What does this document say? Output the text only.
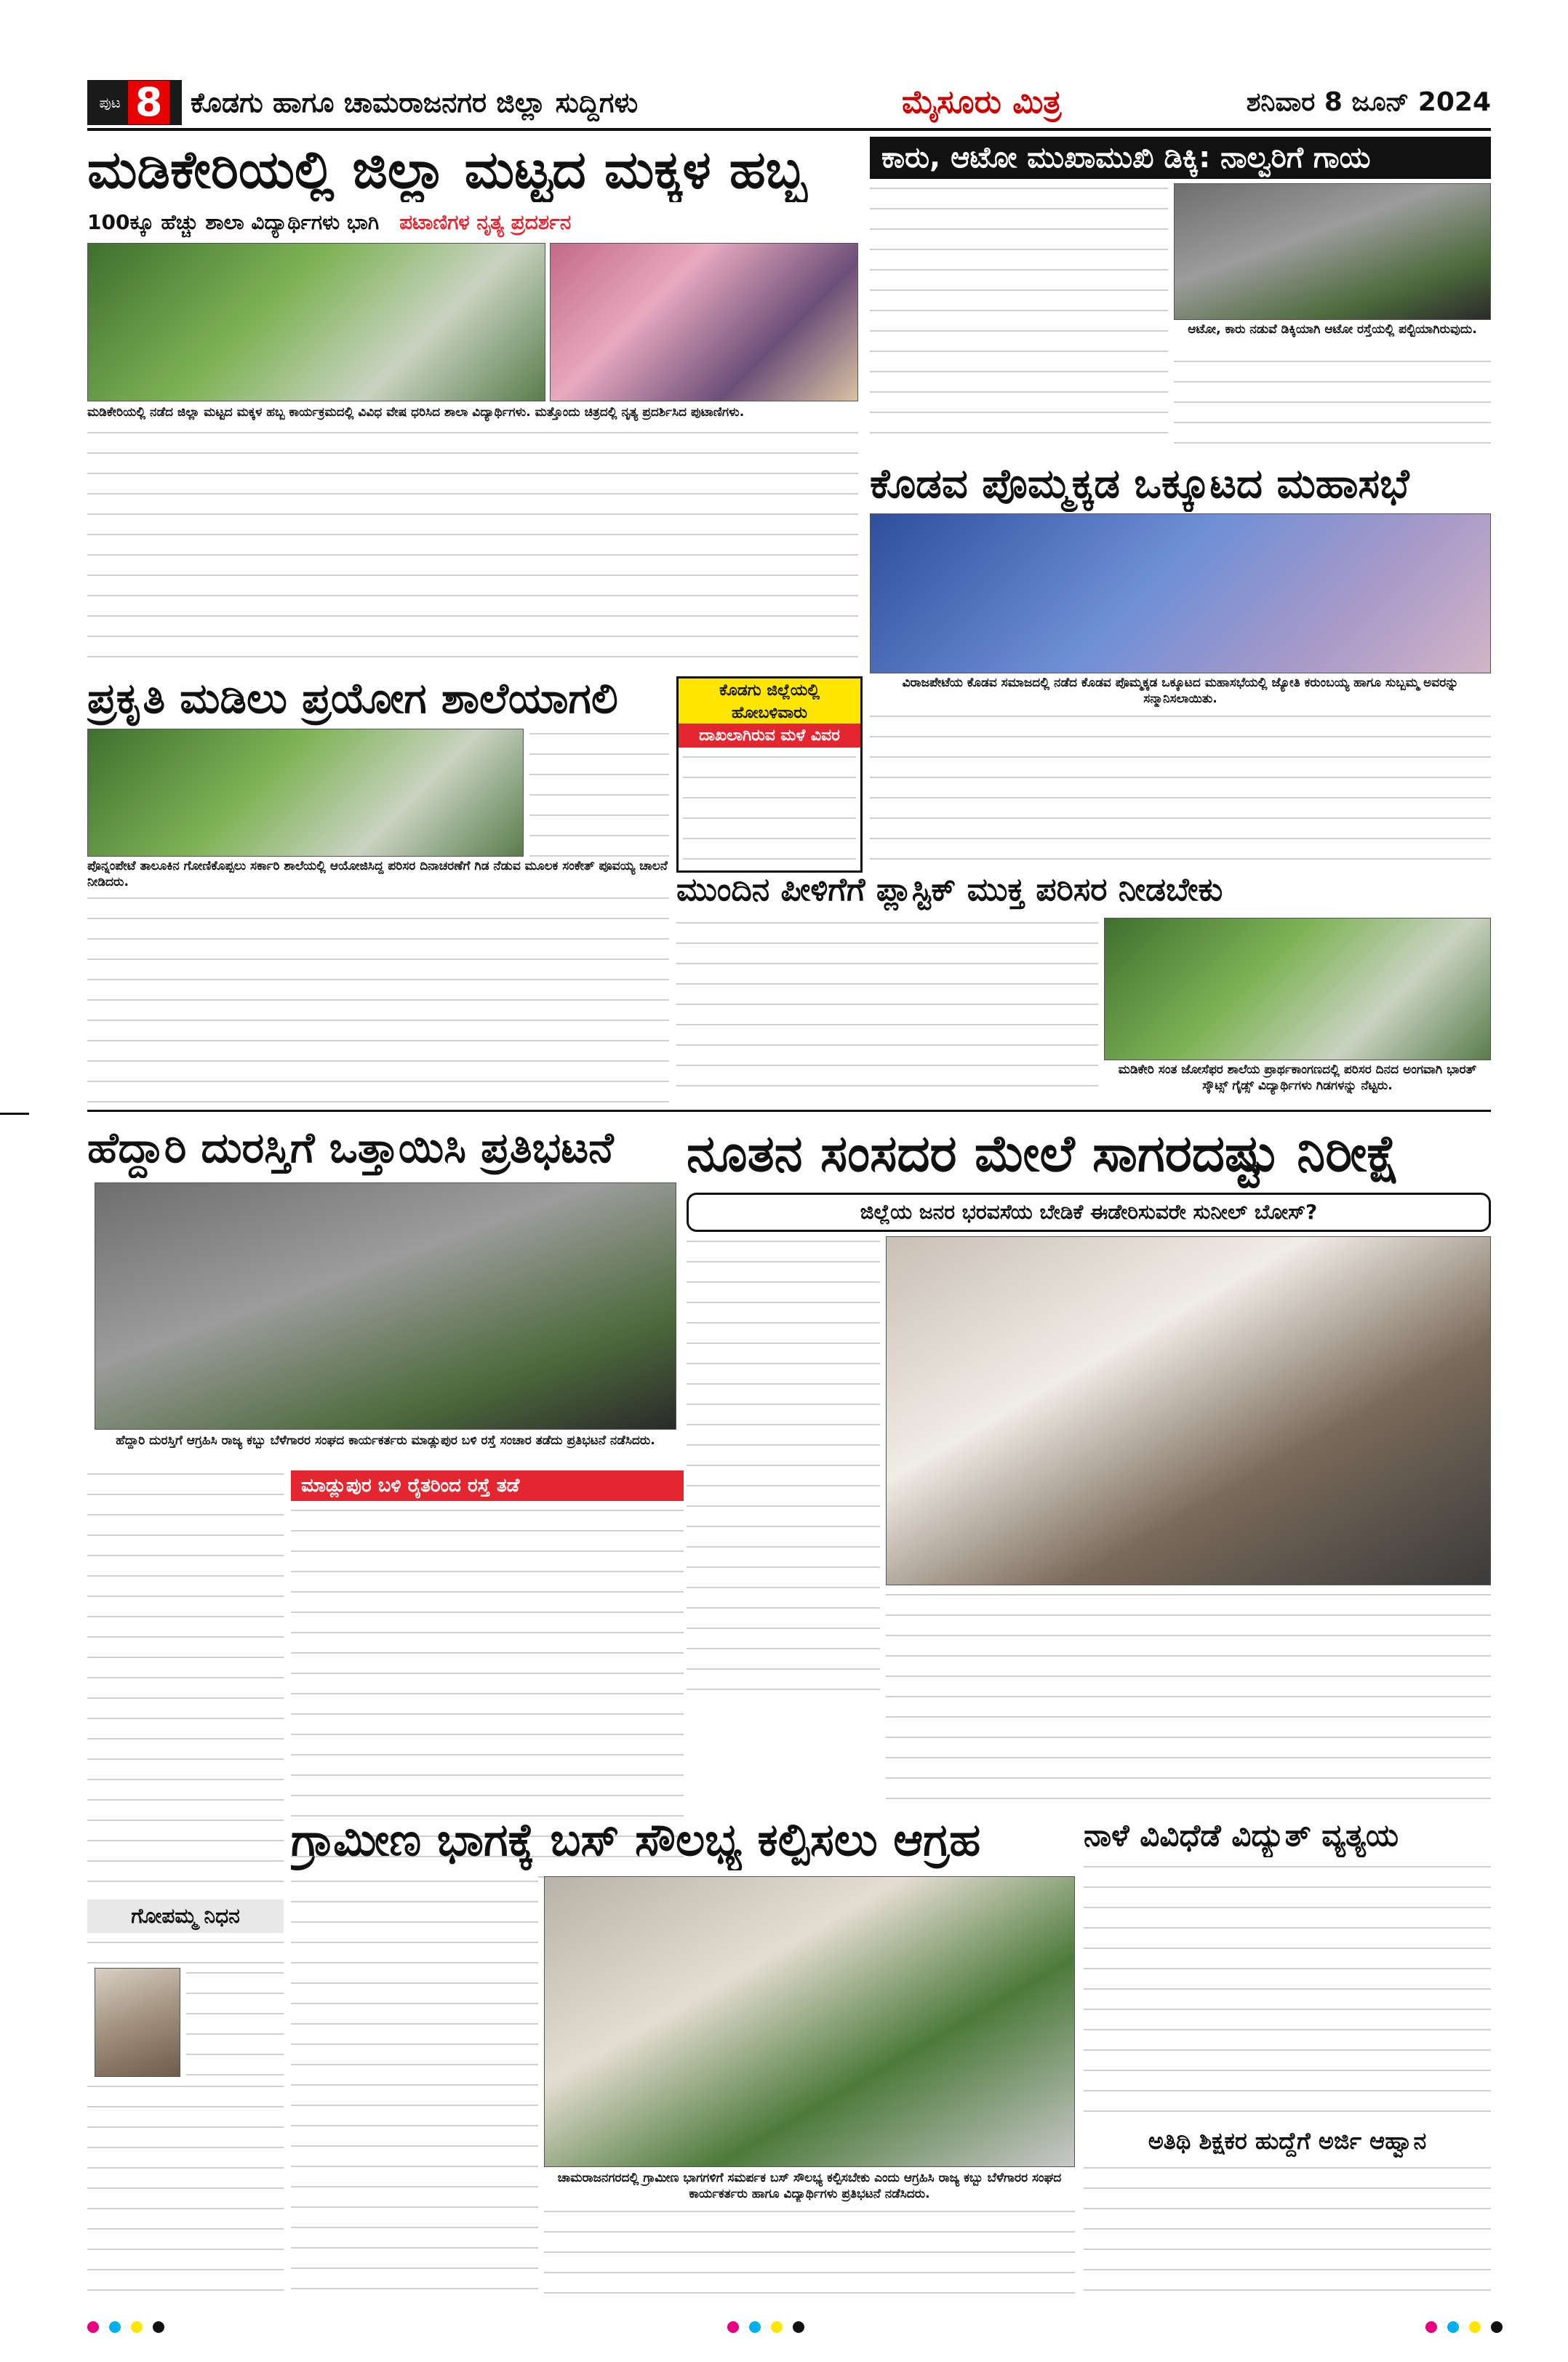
ಪುಟ 8 ಕೊಡಗು ಹಾಗೂ ಚಾಮರಾಜನಗರ ಜಿಲ್ಲಾ ಸುದ್ದಿಗಳು	ಮೈಸೂರು ಮಿತ್ರ	ಶನಿವಾರ 8 ಜೂನ್ 2024
ಮಡಿಕೇರಿಯಲ್ಲಿ ಜಿಲ್ಲಾ ಮಟ್ಟದ ಮಕ್ಕಳ ಹಬ್ಬ
100ಕ್ಕೂ ಹೆಚ್ಚು ಶಾಲಾ ವಿದ್ಯಾರ್ಥಿಗಳು ಭಾಗಿ ಪಟಾಣಿಗಳ ನೃತ್ಯ ಪ್ರದರ್ಶನ
ಮಡಿಕೇರಿಯಲ್ಲಿ ನಡೆದ ಜಿಲ್ಲಾ ಮಟ್ಟದ ಮಕ್ಕಳ ಹಬ್ಬ ಕಾರ್ಯಕ್ರಮದಲ್ಲಿ ವಿವಿಧ ವೇಷ ಧರಿಸಿದ ಶಾಲಾ ವಿದ್ಯಾರ್ಥಿಗಳು. ಮತ್ತೊಂದು ಚಿತ್ರದಲ್ಲಿ ನೃತ್ಯ ಪ್ರದರ್ಶಿಸಿದ ಪುಟಾಣಿಗಳು.
ಕಾರು, ಆಟೋ ಮುಖಾಮುಖಿ ಡಿಕ್ಕಿ: ನಾಲ್ವರಿಗೆ ಗಾಯ
ಆಟೋ, ಕಾರು ನಡುವೆ ಡಿಕ್ಕಿಯಾಗಿ ಆಟೋ ರಸ್ತೆಯಲ್ಲಿ ಪಲ್ಟಿಯಾಗಿರುವುದು.
ಕೊಡವ ಪೊಮ್ಮಕ್ಕಡ ಒಕ್ಕೂಟದ ಮಹಾಸಭೆ
ವಿರಾಜಪೇಟೆಯ ಕೊಡವ ಸಮಾಜದಲ್ಲಿ ನಡೆದ ಕೊಡವ ಪೊಮ್ಮಕ್ಕಡ ಒಕ್ಕೂಟದ ಮಹಾಸಭೆಯಲ್ಲಿ ಜ್ಯೋತಿ ಕರುಂಬಯ್ಯ ಹಾಗೂ ಸುಬ್ಬಮ್ಮ ಅವರನ್ನು ಸನ್ಮಾನಿಸಲಾಯಿತು.
ಪ್ರಕೃತಿ ಮಡಿಲು ಪ್ರಯೋಗ ಶಾಲೆಯಾಗಲಿ
ಪೊನ್ನಂಪೇಟೆ ತಾಲೂಕಿನ ಗೋಣಿಕೊಪ್ಪಲು ಸರ್ಕಾರಿ ಶಾಲೆಯಲ್ಲಿ ಆಯೋಜಿಸಿದ್ದ ಪರಿಸರ ದಿನಾಚರಣೆಗೆ ಗಿಡ ನೆಡುವ ಮೂಲಕ ಸಂಕೇತ್ ಪೂವಯ್ಯ ಚಾಲನೆ ನೀಡಿದರು.
ಕೊಡಗು ಜಿಲ್ಲೆಯಲ್ಲಿ
ಹೋಬಳಿವಾರು
ದಾಖಲಾಗಿರುವ ಮಳೆ ವಿವರ
ಮುಂದಿನ ಪೀಳಿಗೆಗೆ ಪ್ಲಾಸ್ಟಿಕ್ ಮುಕ್ತ ಪರಿಸರ ನೀಡಬೇಕು
ಮಡಿಕೇರಿ ಸಂತ ಜೋಸೆಫರ ಶಾಲೆಯ ಪ್ರಾರ್ಥಕಾಂಗಣದಲ್ಲಿ ಪರಿಸರ ದಿನದ ಅಂಗವಾಗಿ ಭಾರತ್ ಸ್ಕೌಟ್ಸ್ ಗೈಡ್ಸ್ ವಿದ್ಯಾರ್ಥಿಗಳು ಗಿಡಗಳನ್ನು ನೆಟ್ಟರು.
ಹೆದ್ದಾರಿ ದುರಸ್ತಿಗೆ ಒತ್ತಾಯಿಸಿ ಪ್ರತಿಭಟನೆ
ಹೆದ್ದಾರಿ ದುರಸ್ತಿಗೆ ಆಗ್ರಹಿಸಿ ರಾಜ್ಯ ಕಬ್ಬು ಬೆಳೆಗಾರರ ಸಂಘದ ಕಾರ್ಯಕರ್ತರು ಮಾಡ್ಲುಪುರ ಬಳಿ ರಸ್ತೆ ಸಂಚಾರ ತಡೆದು ಪ್ರತಿಭಟನೆ ನಡೆಸಿದರು.
ಮಾಡ್ಲುಪುರ ಬಳಿ ರೈತರಿಂದ ರಸ್ತೆ ತಡೆ
ನೂತನ ಸಂಸದರ ಮೇಲೆ ಸಾಗರದಷ್ಟು ನಿರೀಕ್ಷೆ
ಜಿಲ್ಲೆಯ ಜನರ ಭರವಸೆಯ ಬೇಡಿಕೆ ಈಡೇರಿಸುವರೇ ಸುನೀಲ್ ಬೋಸ್?
ಗೋಪಮ್ಮ ನಿಧನ
ಗ್ರಾಮೀಣ ಭಾಗಕ್ಕೆ ಬಸ್ ಸೌಲಭ್ಯ ಕಲ್ಪಿಸಲು ಆಗ್ರಹ
ಚಾಮರಾಜನಗರದಲ್ಲಿ ಗ್ರಾಮೀಣ ಭಾಗಗಳಿಗೆ ಸಮರ್ಪಕ ಬಸ್ ಸೌಲಭ್ಯ ಕಲ್ಪಿಸಬೇಕು ಎಂದು ಆಗ್ರಹಿಸಿ ರಾಜ್ಯ ಕಬ್ಬು ಬೆಳೆಗಾರರ ಸಂಘದ ಕಾರ್ಯಕರ್ತರು ಹಾಗೂ ವಿದ್ಯಾರ್ಥಿಗಳು ಪ್ರತಿಭಟನೆ ನಡೆಸಿದರು.
ನಾಳೆ ವಿವಿಧೆಡೆ ವಿದ್ಯುತ್ ವ್ಯತ್ಯಯ
ಅತಿಥಿ ಶಿಕ್ಷಕರ ಹುದ್ದೆಗೆ ಅರ್ಜಿ ಆಹ್ವಾನ
